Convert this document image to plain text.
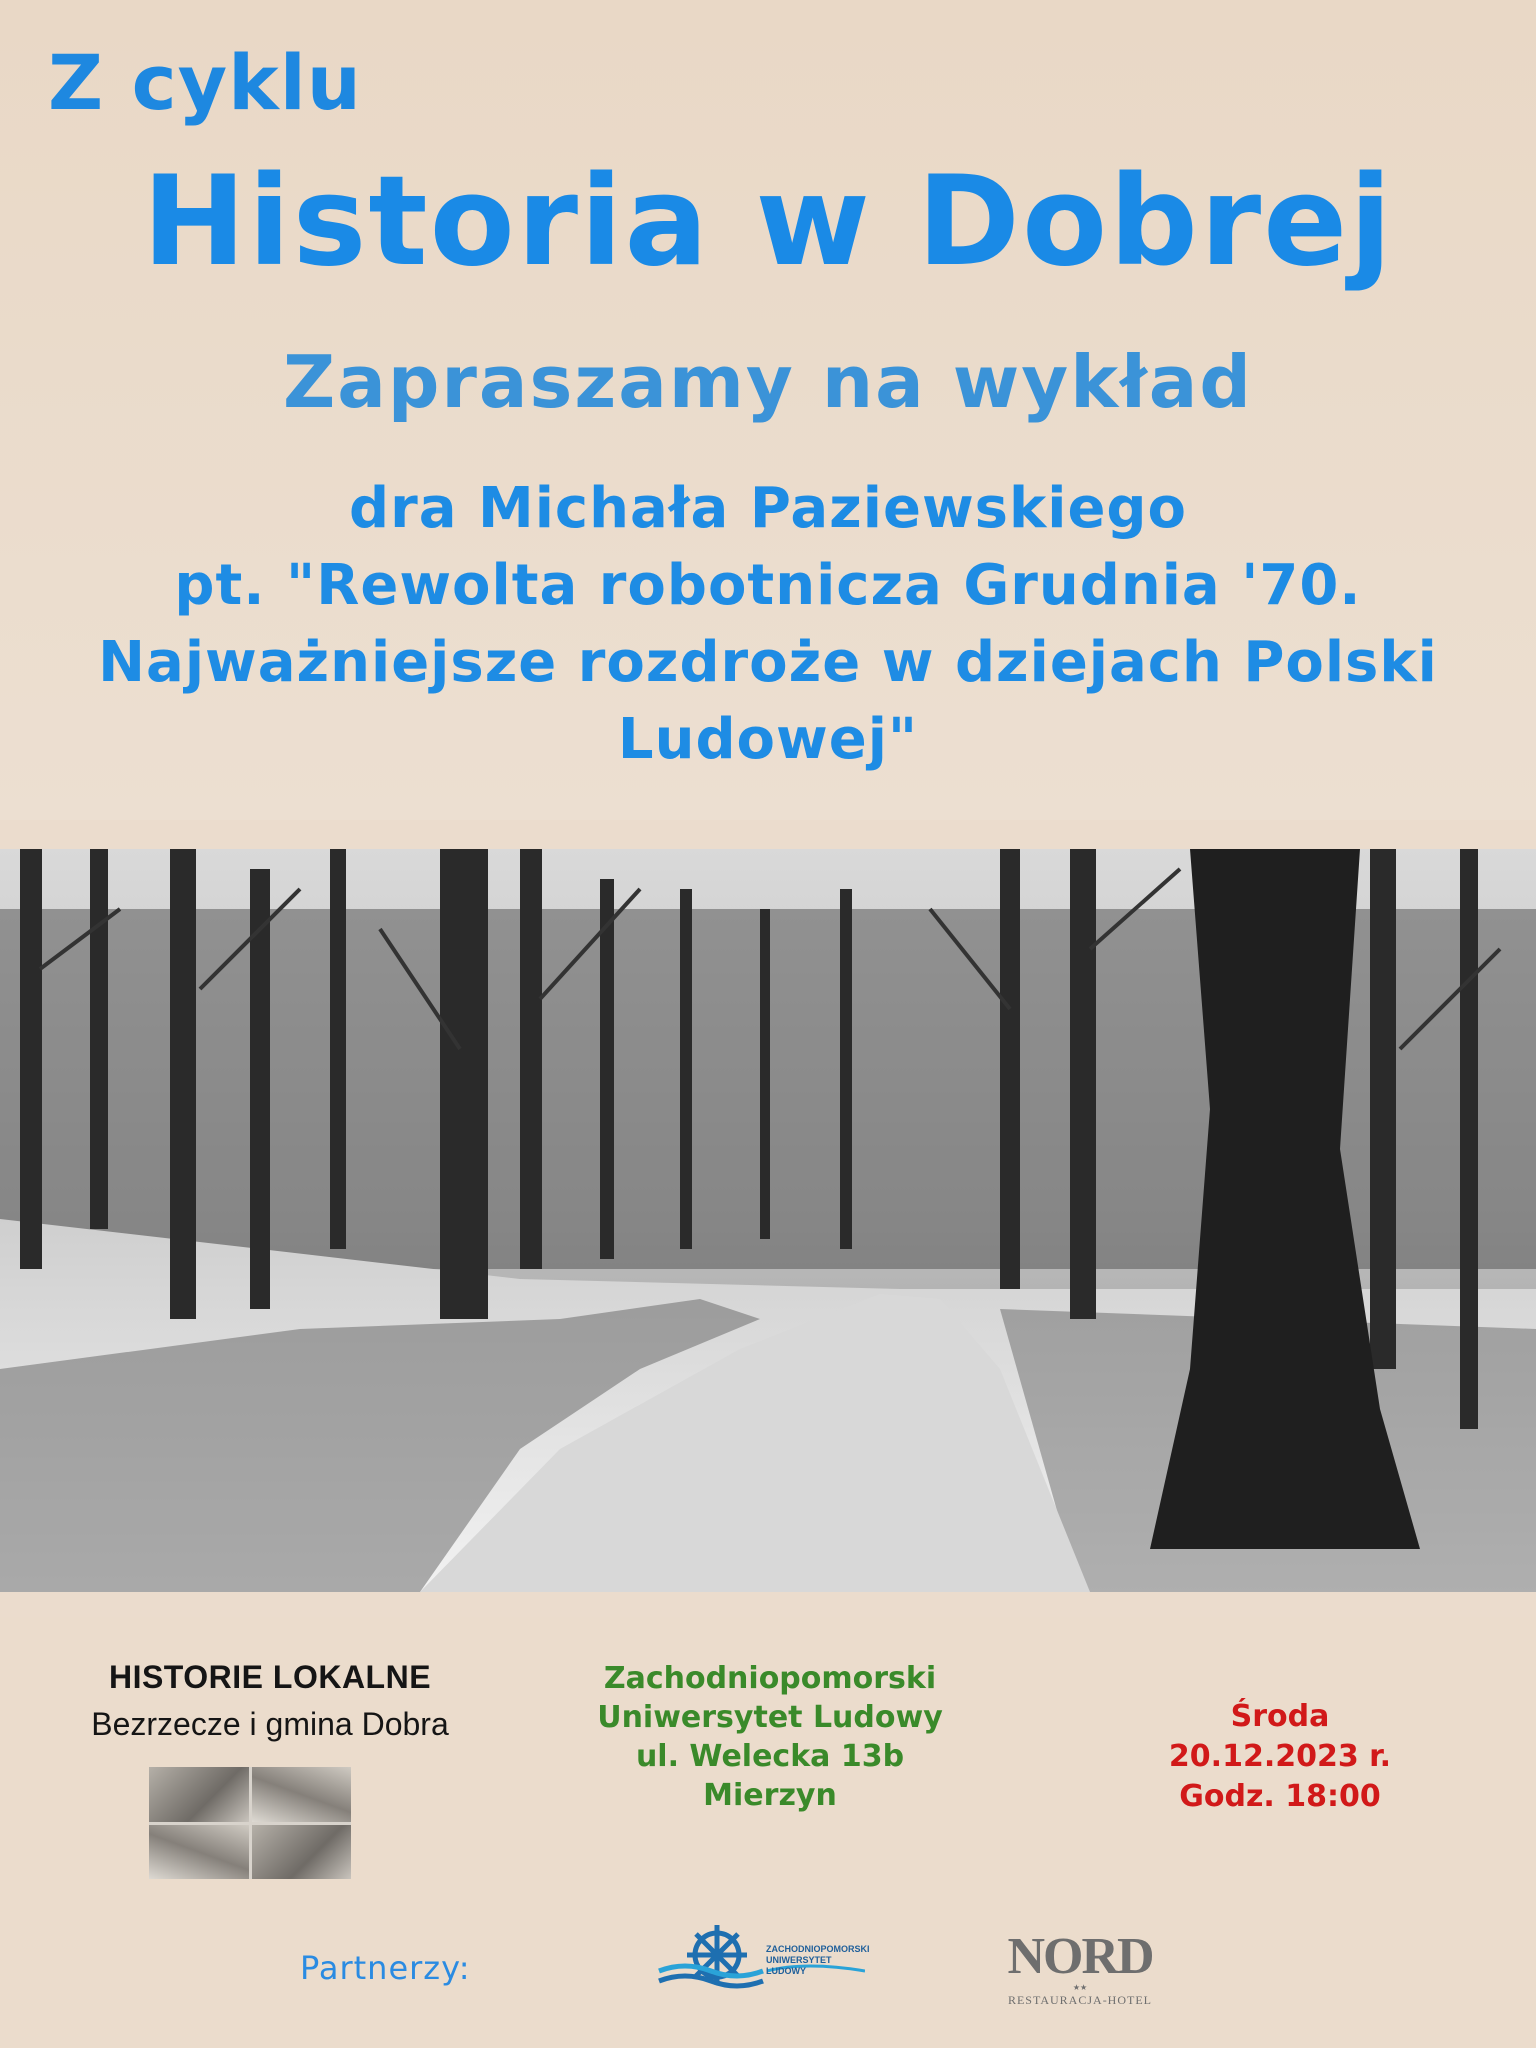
Z cyklu
Historia w Dobrej
Zapraszamy na wykład
dra Michała Paziewskiego
pt. "Rewolta robotnicza Grudnia '70.
Najważniejsze rozdroże w dziejach Polski
Ludowej"
HISTORIE LOKALNE
Bezrzecze i gmina Dobra
Zachodniopomorski
Uniwersytet Ludowy
ul. Welecka 13b
Mierzyn
Środa
20.12.2023 r.
Godz. 18:00
Partnerzy:	ZACHODNIOPOMORSKI
UNIWERSYTET
LUDOWY	NORD
★★
RESTAURACJA-HOTEL
